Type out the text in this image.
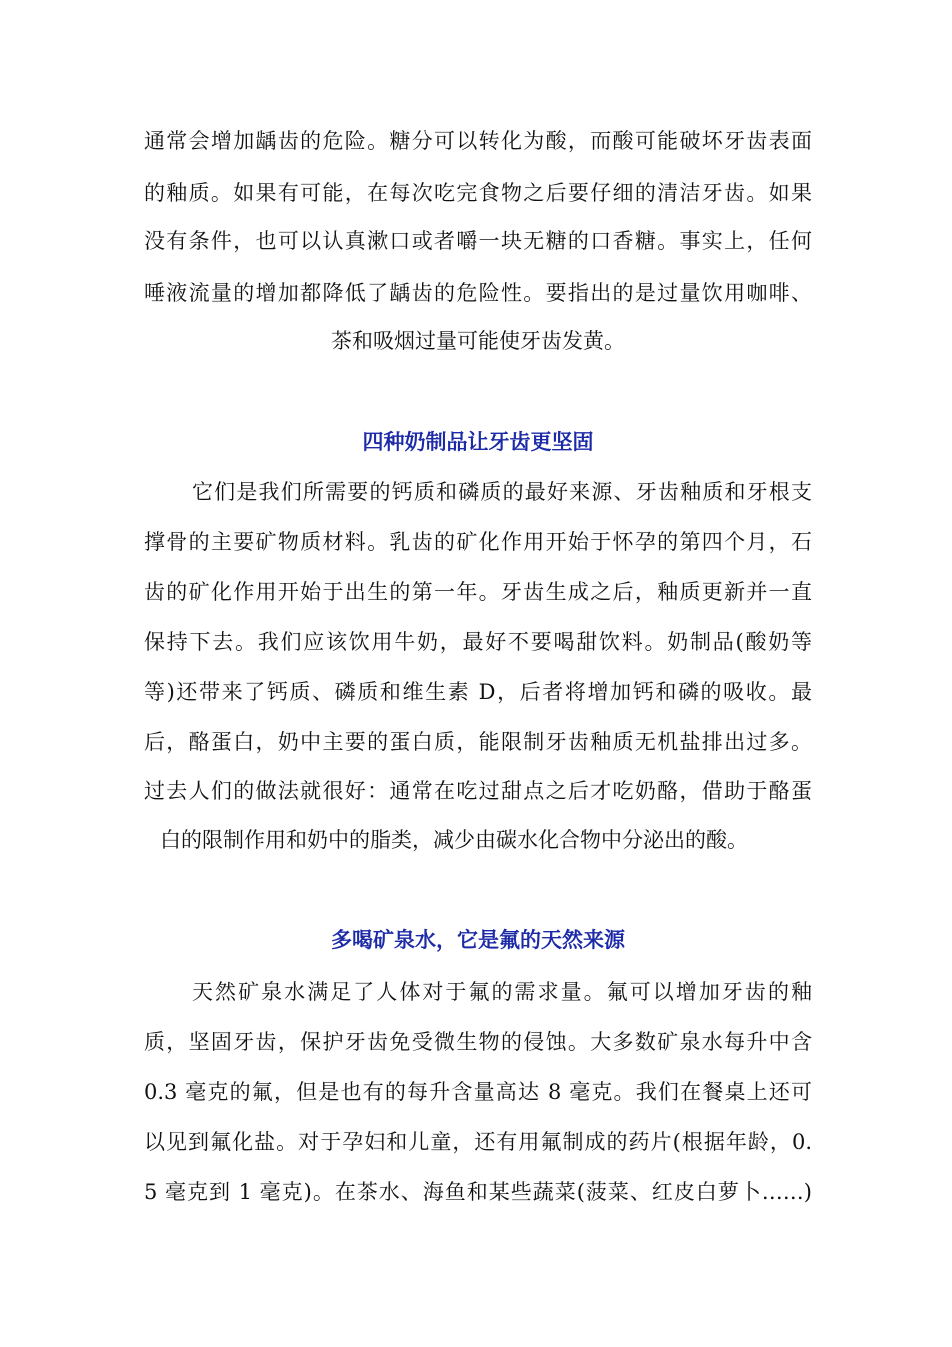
通常会增加龋齿的危险。糖分可以转化为酸，而酸可能破坏牙齿表面
的釉质。如果有可能，在每次吃完食物之后要仔细的清洁牙齿。如果
没有条件，也可以认真漱口或者嚼一块无糖的口香糖。事实上，任何
唾液流量的增加都降低了龋齿的危险性。要指出的是过量饮用咖啡、
茶和吸烟过量可能使牙齿发黄。
四种奶制品让牙齿更坚固
它们是我们所需要的钙质和磷质的最好来源、牙齿釉质和牙根支
撑骨的主要矿物质材料。乳齿的矿化作用开始于怀孕的第四个月，石
齿的矿化作用开始于出生的第一年。牙齿生成之后，釉质更新并一直
保持下去。我们应该饮用牛奶，最好不要喝甜饮料。奶制品(酸奶等
等)还带来了钙质、磷质和维生素 D，后者将增加钙和磷的吸收。最
后，酪蛋白，奶中主要的蛋白质，能限制牙齿釉质无机盐排出过多。
过去人们的做法就很好：通常在吃过甜点之后才吃奶酪，借助于酪蛋
白的限制作用和奶中的脂类，减少由碳水化合物中分泌出的酸。
多喝矿泉水，它是氟的天然来源
天然矿泉水满足了人体对于氟的需求量。氟可以增加牙齿的釉
质，坚固牙齿，保护牙齿免受微生物的侵蚀。大多数矿泉水每升中含
0.3 毫克的氟，但是也有的每升含量高达 8 毫克。我们在餐桌上还可
以见到氟化盐。对于孕妇和儿童，还有用氟制成的药片(根据年龄，0.
5 毫克到 1 毫克)。在茶水、海鱼和某些蔬菜(菠菜、红皮白萝卜……)
